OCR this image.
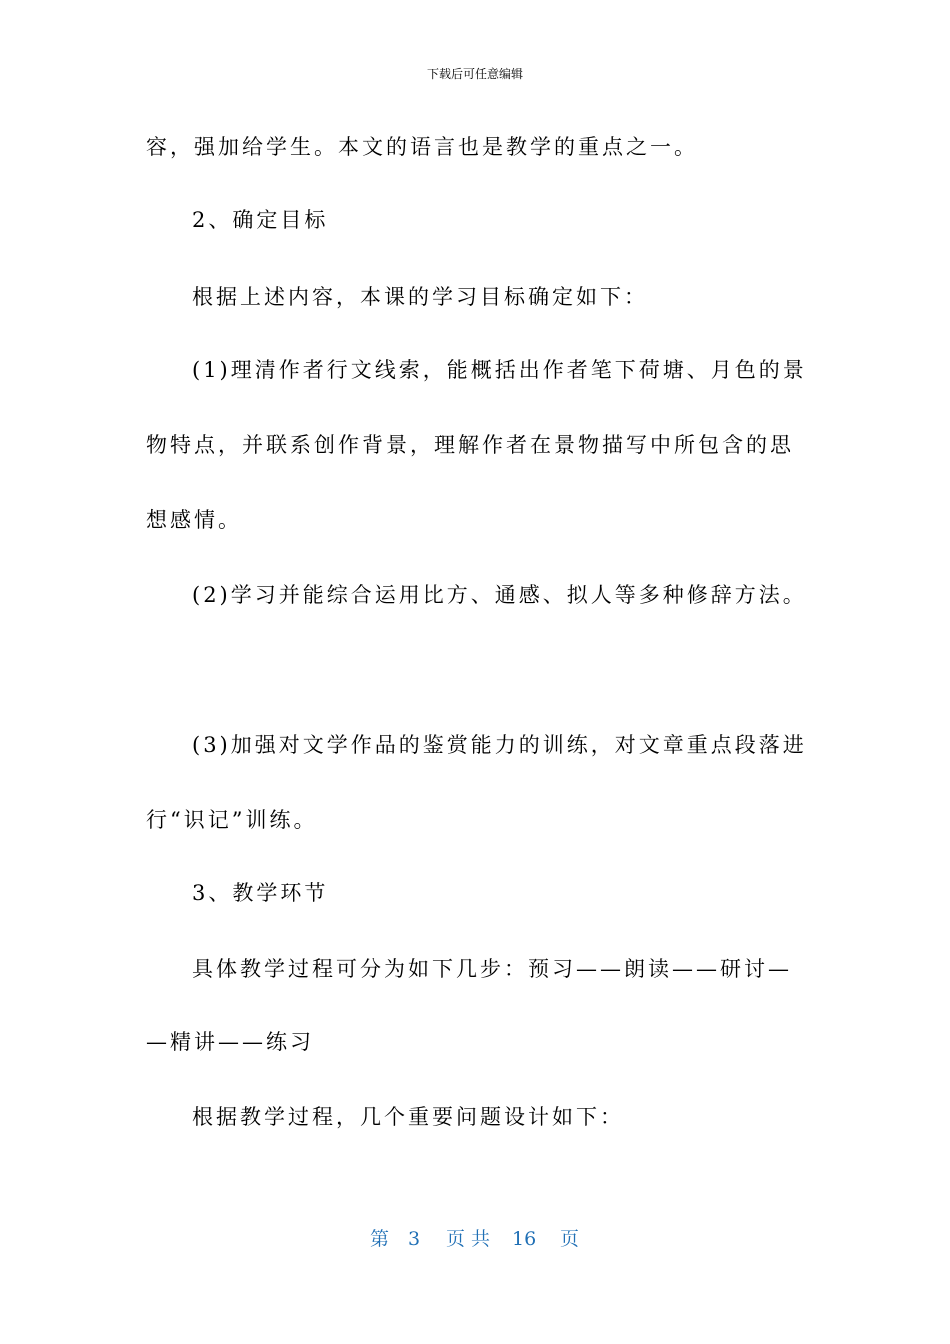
下载后可任意编辑
容，强加给学生。本文的语言也是教学的重点之一。
2、确定目标
根据上述内容，本课的学习目标确定如下：
(1)理清作者行文线索，能概括出作者笔下荷塘、月色的景
物特点，并联系创作背景，理解作者在景物描写中所包含的思
想感情。
(2)学习并能综合运用比方、通感、拟人等多种修辞方法。
(3)加强对文学作品的鉴赏能力的训练，对文章重点段落进
行“识记”训练。
3、教学环节
具体教学过程可分为如下几步：预习——朗读——研讨—
—精讲——练习
根据教学过程，几个重要问题设计如下：
第 3 页 共 16 页
